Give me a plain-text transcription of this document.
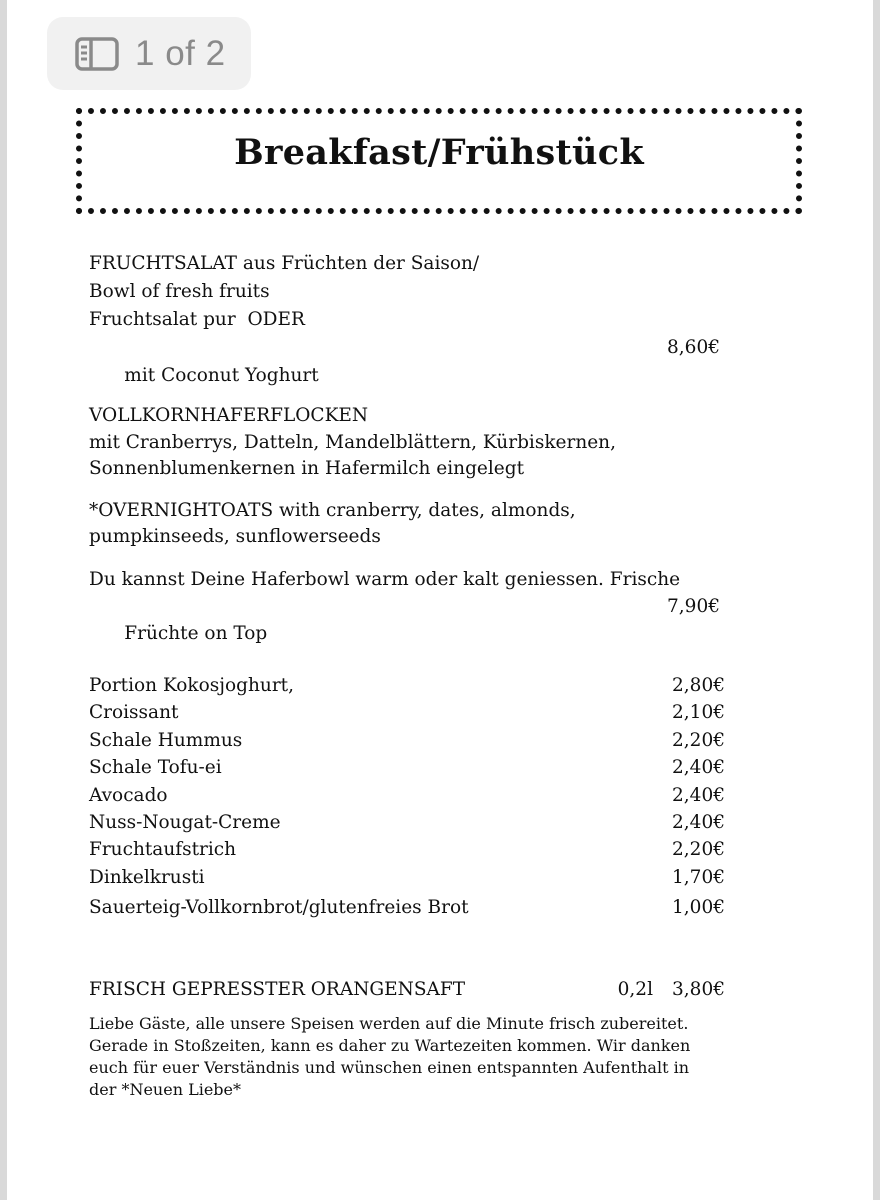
1 of 2
Breakfast/Frühstück
FRUCHTSALAT aus Früchten der Saison/
Bowl of fresh fruits
Fruchtsalat pur  ODER

mit Coconut Yoghurt

8,60€

VOLLKORNHAFERFLOCKEN
mit Cranberrys, Datteln, Mandelblättern, Kürbiskernen,
Sonnenblumenkernen in Hafermilch eingelegt
*OVERNIGHTOATS with cranberry, dates, almonds,
pumpkinseeds, sunflowerseeds
Du kannst Deine Haferbowl warm oder kalt geniessen. Frische

Früchte on Top

7,90€

Portion Kokosjoghurt,	2,80€
Croissant	2,10€
Schale Hummus	2,20€
Schale Tofu-ei	2,40€
Avocado	2,40€
Nuss-Nougat-Creme	2,40€
Fruchtaufstrich	2,20€
Dinkelkrusti	1,70€
Sauerteig-Vollkornbrot/glutenfreies Brot	1,00€
FRISCH GEPRESSTER ORANGENSAFT	0,2l 3,80€
Liebe Gäste, alle unsere Speisen werden auf die Minute frisch zubereitet.
Gerade in Stoßzeiten, kann es daher zu Wartezeiten kommen. Wir danken
euch für euer Verständnis und wünschen einen entspannten Aufenthalt in
der *Neuen Liebe*
